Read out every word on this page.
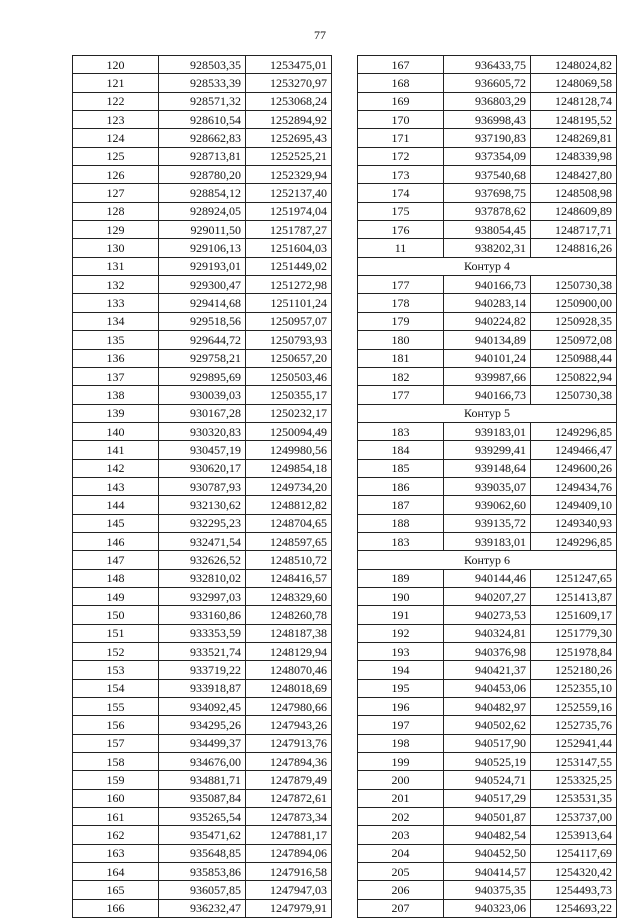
77
120	928503,35	1253475,01
121	928533,39	1253270,97
122	928571,32	1253068,24
123	928610,54	1252894,92
124	928662,83	1252695,43
125	928713,81	1252525,21
126	928780,20	1252329,94
127	928854,12	1252137,40
128	928924,05	1251974,04
129	929011,50	1251787,27
130	929106,13	1251604,03
131	929193,01	1251449,02
132	929300,47	1251272,98
133	929414,68	1251101,24
134	929518,56	1250957,07
135	929644,72	1250793,93
136	929758,21	1250657,20
137	929895,69	1250503,46
138	930039,03	1250355,17
139	930167,28	1250232,17
140	930320,83	1250094,49
141	930457,19	1249980,56
142	930620,17	1249854,18
143	930787,93	1249734,20
144	932130,62	1248812,82
145	932295,23	1248704,65
146	932471,54	1248597,65
147	932626,52	1248510,72
148	932810,02	1248416,57
149	932997,03	1248329,60
150	933160,86	1248260,78
151	933353,59	1248187,38
152	933521,74	1248129,94
153	933719,22	1248070,46
154	933918,87	1248018,69
155	934092,45	1247980,66
156	934295,26	1247943,26
157	934499,37	1247913,76
158	934676,00	1247894,36
159	934881,71	1247879,49
160	935087,84	1247872,61
161	935265,54	1247873,34
162	935471,62	1247881,17
163	935648,85	1247894,06
164	935853,86	1247916,58
165	936057,85	1247947,03
166	936232,47	1247979,91
167	936433,75	1248024,82
168	936605,72	1248069,58
169	936803,29	1248128,74
170	936998,43	1248195,52
171	937190,83	1248269,81
172	937354,09	1248339,98
173	937540,68	1248427,80
174	937698,75	1248508,98
175	937878,62	1248609,89
176	938054,45	1248717,71
11	938202,31	1248816,26
Контур 4		
177	940166,73	1250730,38
178	940283,14	1250900,00
179	940224,82	1250928,35
180	940134,89	1250972,08
181	940101,24	1250988,44
182	939987,66	1250822,94
177	940166,73	1250730,38
Контур 5		
183	939183,01	1249296,85
184	939299,41	1249466,47
185	939148,64	1249600,26
186	939035,07	1249434,76
187	939062,60	1249409,10
188	939135,72	1249340,93
183	939183,01	1249296,85
Контур 6		
189	940144,46	1251247,65
190	940207,27	1251413,87
191	940273,53	1251609,17
192	940324,81	1251779,30
193	940376,98	1251978,84
194	940421,37	1252180,26
195	940453,06	1252355,10
196	940482,97	1252559,16
197	940502,62	1252735,76
198	940517,90	1252941,44
199	940525,19	1253147,55
200	940524,71	1253325,25
201	940517,29	1253531,35
202	940501,87	1253737,00
203	940482,54	1253913,64
204	940452,50	1254117,69
205	940414,57	1254320,42
206	940375,35	1254493,73
207	940323,06	1254693,22
